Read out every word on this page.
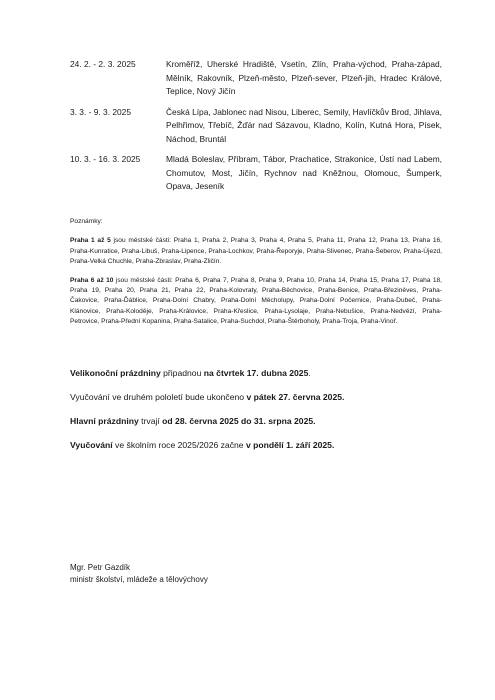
24. 2. - 2. 3. 2025	Kroměříž, Uherské Hradiště, Vsetín, Zlín, Praha-východ, Praha-západ, Mělník, Rakovník, Plzeň-město, Plzeň-sever, Plzeň-jih, Hradec Králové, Teplice, Nový Jičín
3. 3. - 9. 3. 2025	Česká Lípa, Jablonec nad Nisou, Liberec, Semily, Havlíčkův Brod, Jihlava, Pelhřimov, Třebíč, Žďár nad Sázavou, Kladno, Kolín, Kutná Hora, Písek, Náchod, Bruntál
10. 3. - 16. 3. 2025	Mladá Boleslav, Příbram, Tábor, Prachatice, Strakonice, Ústí nad Labem, Chomutov, Most, Jičín, Rychnov nad Kněžnou, Olomouc, Šumperk, Opava, Jeseník
Poznámky:

Praha 1 až 5 jsou městské části: Praha 1, Praha 2, Praha 3, Praha 4, Praha 5, Praha 11, Praha 12, Praha 13, Praha 16, Praha-Kunratice, Praha-Libuš, Praha-Lipence, Praha-Lochkov, Praha-Řeporyje, Praha-Slivenec, Praha-Šeberov, Praha-Újezd, Praha-Velká Chuchle, Praha-Zbraslav, Praha-Zličín.

Praha 6 až 10 jsou městské části: Praha 6, Praha 7, Praha 8, Praha 9, Praha 10, Praha 14, Praha 15, Praha 17, Praha 18, Praha 19, Praha 20, Praha 21, Praha 22, Praha-Kolovraty, Praha-Běchovice, Praha-Benice, Praha-Březiněves, Praha-Čakovice, Praha-Ďáblice, Praha-Dolní Chabry, Praha-Dolní Měcholupy, Praha-Dolní Počernice, Praha-Dubeč, Praha-Klánovice, Praha-Koloděje, Praha-Královice, Praha-Křeslice, Praha-Lysolaje, Praha-Nebušice, Praha-Nedvězí, Praha-Petrovice, Praha-Přední Kopanina, Praha-Satalice, Praha-Suchdol, Praha-Štěrboholy, Praha-Troja, Praha-Vinoř.

Velikonoční prázdniny připadnou na čtvrtek 17. dubna 2025.

Vyučování ve druhém pololetí bude ukončeno v pátek 27. června 2025.

Hlavní prázdniny trvají od 28. června 2025 do 31. srpna 2025.

Vyučování ve školním roce 2025/2026 začne v pondělí 1. září 2025.

Mgr. Petr Gazdík
ministr školství, mládeže a tělovýchovy
